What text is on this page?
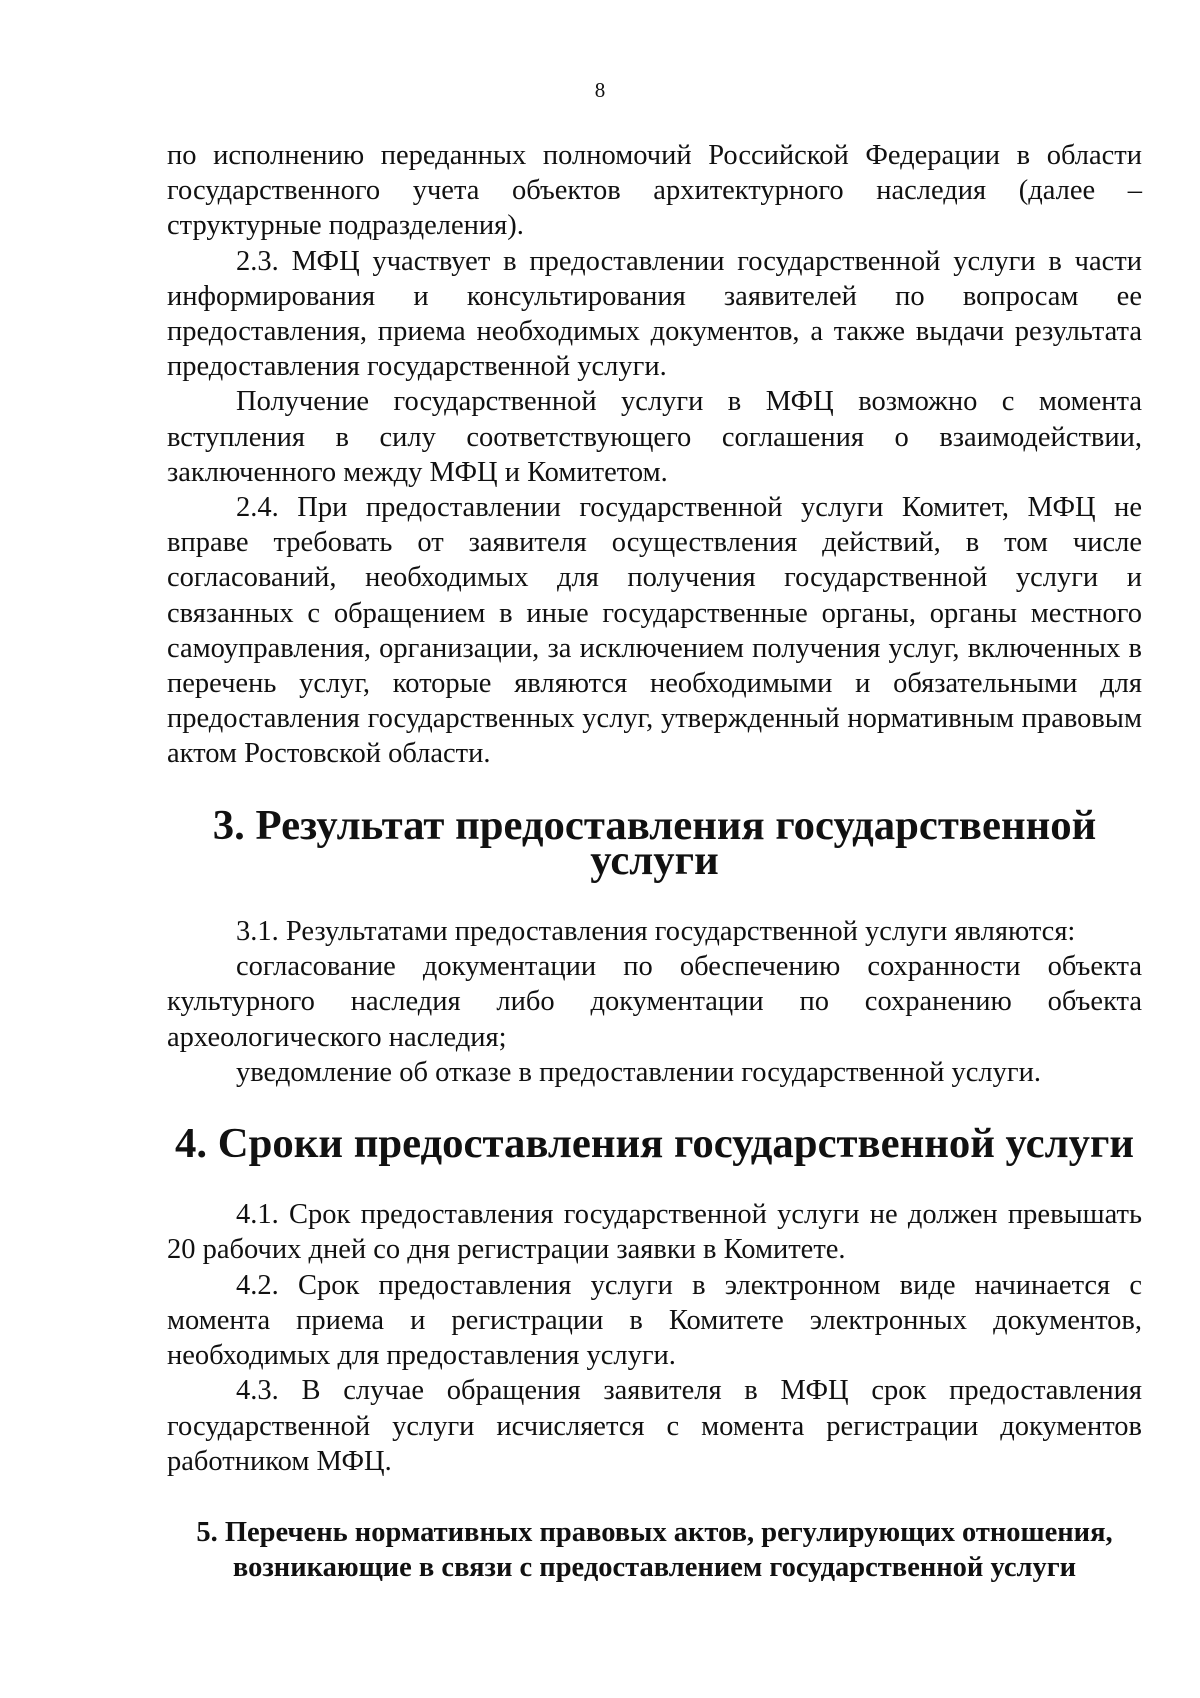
8

по исполнению переданных полномочий Российской Федерации в области государственного учета объектов архитектурного наследия (далее – структурные подразделения).

2.3. МФЦ участвует в предоставлении государственной услуги в части информирования и консультирования заявителей по вопросам ее предоставления, приема необходимых документов, а также выдачи результата предоставления государственной услуги.

Получение государственной услуги в МФЦ возможно с момента вступления в силу соответствующего соглашения о взаимодействии, заключенного между МФЦ и Комитетом.

2.4. При предоставлении государственной услуги Комитет, МФЦ не вправе требовать от заявителя осуществления действий, в том числе согласований, необходимых для получения государственной услуги и связанных с обращением в иные государственные органы, органы местного самоуправления, организации, за исключением получения услуг, включенных в перечень услуг, которые являются необходимыми и обязательными для предоставления государственных услуг, утвержденный нормативным правовым актом Ростовской области.

3. Результат предоставления государственной услуги

3.1. Результатами предоставления государственной услуги являются:

согласование документации по обеспечению сохранности объекта культурного наследия либо документации по сохранению объекта археологического наследия;

уведомление об отказе в предоставлении государственной услуги.

4. Сроки предоставления государственной услуги

4.1. Срок предоставления государственной услуги не должен превышать 20 рабочих дней со дня регистрации заявки в Комитете.

4.2. Срок предоставления услуги в электронном виде начинается с момента приема и регистрации в Комитете электронных документов, необходимых для предоставления услуги.

4.3. В случае обращения заявителя в МФЦ срок предоставления государственной услуги исчисляется с момента регистрации документов работником МФЦ.

5. Перечень нормативных правовых актов, регулирующих отношения,
возникающие в связи с предоставлением государственной услуги
